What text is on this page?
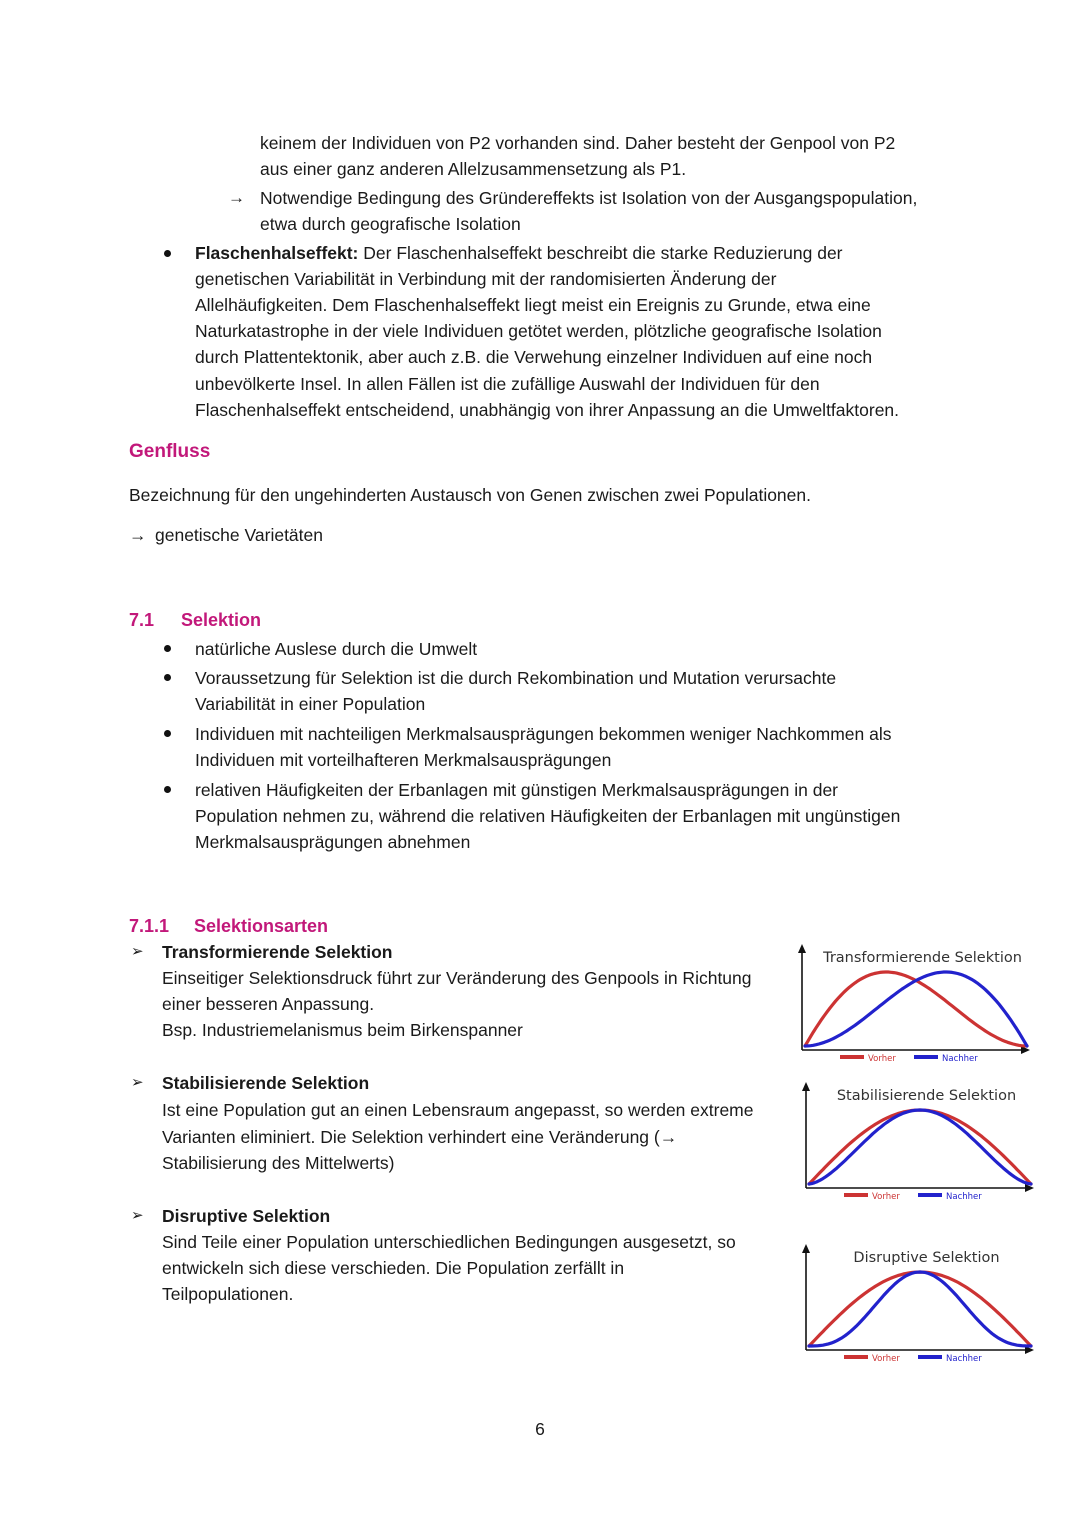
keinem der Individuen von P2 vorhanden sind. Daher besteht der Genpool von P2
aus einer ganz anderen Allelzusammensetzung als P1.
→ Notwendige Bedingung des Gründereffekts ist Isolation von der Ausgangspopulation,
etwa durch geografische Isolation
Flaschenhalseffekt: Der Flaschenhalseffekt beschreibt die starke Reduzierung der
genetischen Variabilität in Verbindung mit der randomisierten Änderung der
Allelhäufigkeiten. Dem Flaschenhalseffekt liegt meist ein Ereignis zu Grunde, etwa eine
Naturkatastrophe in der viele Individuen getötet werden, plötzliche geografische Isolation
durch Plattentektonik, aber auch z.B. die Verwehung einzelner Individuen auf eine noch
unbevölkerte Insel. In allen Fällen ist die zufällige Auswahl der Individuen für den
Flaschenhalseffekt entscheidend, unabhängig von ihrer Anpassung an die Umweltfaktoren.
Genfluss
Bezeichnung für den ungehinderten Austausch von Genen zwischen zwei Populationen.
→ genetische Varietäten
7.1 Selektion
natürliche Auslese durch die Umwelt
Voraussetzung für Selektion ist die durch Rekombination und Mutation verursachte
Variabilität in einer Population
Individuen mit nachteiligen Merkmalsausprägungen bekommen weniger Nachkommen als
Individuen mit vorteilhafteren Merkmalsausprägungen
relativen Häufigkeiten der Erbanlagen mit günstigen Merkmalsausprägungen in der
Population nehmen zu, während die relativen Häufigkeiten der Erbanlagen mit ungünstigen
Merkmalsausprägungen abnehmen
7.1.1 Selektionsarten
➢ Transformierende Selektion
Einseitiger Selektionsdruck führt zur Veränderung des Genpools in Richtung
einer besseren Anpassung.
Bsp. Industriemelanismus beim Birkenspanner
➢ Stabilisierende Selektion
Ist eine Population gut an einen Lebensraum angepasst, so werden extreme
Varianten eliminiert. Die Selektion verhindert eine Veränderung (→
Stabilisierung des Mittelwerts)
➢ Disruptive Selektion
Sind Teile einer Population unterschiedlichen Bedingungen ausgesetzt, so
entwickeln sich diese verschieden. Die Population zerfällt in
Teilpopulationen.
Transformierende Selektion
Vorher	Nachher
Stabilisierende Selektion
Vorher	Nachher
Disruptive Selektion
Vorher	Nachher
6
